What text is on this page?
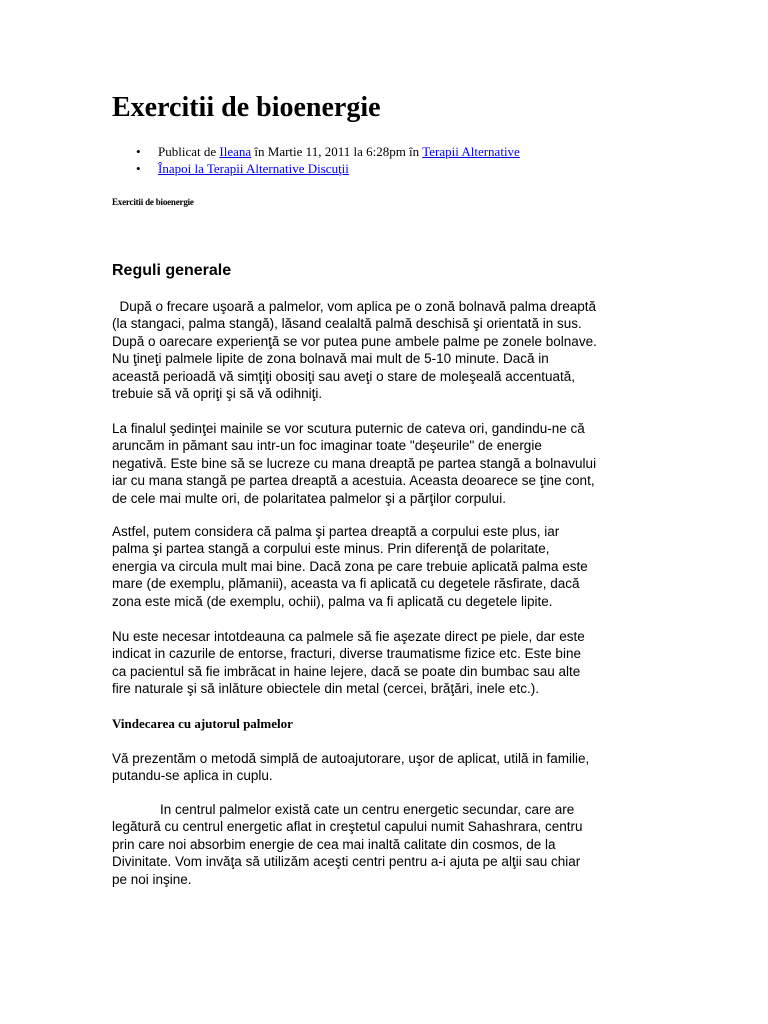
Exercitii de bioenergie
• Publicat de Ileana în Martie 11, 2011 la 6:28pm în Terapii Alternative
• Înapoi la Terapii Alternative Discuţii
Exercitii de bioenergie
Reguli generale
După o frecare uşoară a palmelor, vom aplica pe o zonă bolnavă palma dreaptă
(la stangaci, palma stangă), lăsand cealaltă palmă deschisă şi orientată in sus.
După o oarecare experienţă se vor putea pune ambele palme pe zonele bolnave.
Nu ţineţi palmele lipite de zona bolnavă mai mult de 5-10 minute. Dacă in
această perioadă vă simţiţi obosiţi sau aveţi o stare de moleşeală accentuată,
trebuie să vă opriţi şi să vă odihniţi.
La finalul şedinţei mainile se vor scutura puternic de cateva ori, gandindu-ne că
aruncăm in pămant sau intr-un foc imaginar toate "deşeurile" de energie
negativă. Este bine să se lucreze cu mana dreaptă pe partea stangă a bolnavului
iar cu mana stangă pe partea dreaptă a acestuia. Aceasta deoarece se ţine cont,
de cele mai multe ori, de polaritatea palmelor şi a părţilor corpului.
Astfel, putem considera că palma şi partea dreaptă a corpului este plus, iar
palma şi partea stangă a corpului este minus. Prin diferenţă de polaritate,
energia va circula mult mai bine. Dacă zona pe care trebuie aplicată palma este
mare (de exemplu, plămanii), aceasta va fi aplicată cu degetele răsfirate, dacă
zona este mică (de exemplu, ochii), palma va fi aplicată cu degetele lipite.
Nu este necesar intotdeauna ca palmele să fie aşezate direct pe piele, dar este
indicat in cazurile de entorse, fracturi, diverse traumatisme fizice etc. Este bine
ca pacientul să fie imbrăcat in haine lejere, dacă se poate din bumbac sau alte
fire naturale şi să inlăture obiectele din metal (cercei, brăţări, inele etc.).
Vindecarea cu ajutorul palmelor
Vă prezentăm o metodă simplă de autoajutorare, uşor de aplicat, utilă in familie,
putandu-se aplica in cuplu.
In centrul palmelor există cate un centru energetic secundar, care are
legătură cu centrul energetic aflat in creştetul capului numit Sahashrara, centru
prin care noi absorbim energie de cea mai inaltă calitate din cosmos, de la
Divinitate. Vom invăţa să utilizăm aceşti centri pentru a-i ajuta pe alţii sau chiar
pe noi inşine.
